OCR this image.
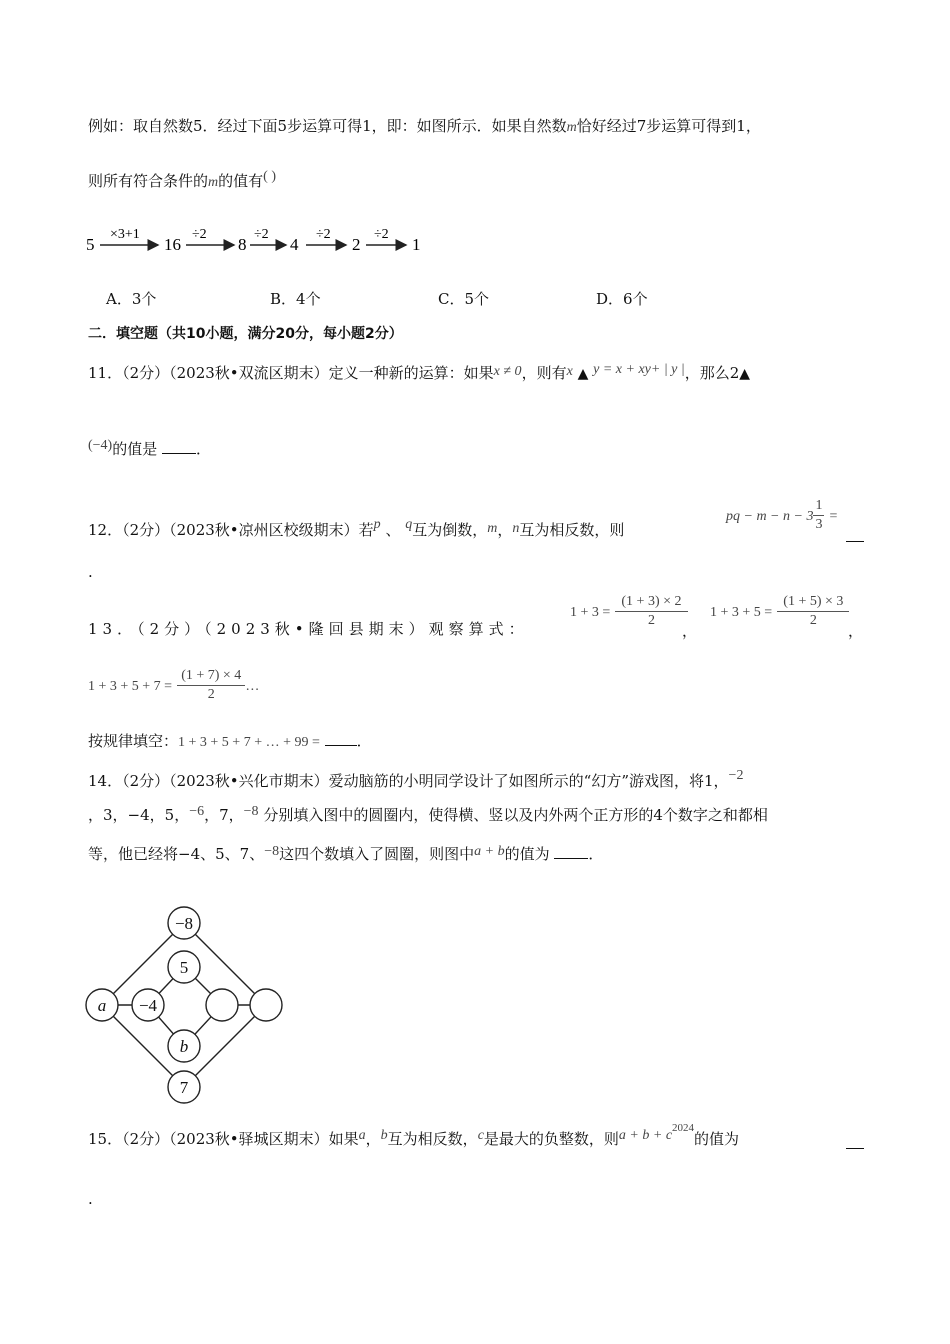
例如：取自然数5．经过下面5步运算可得1，即：如图所示．如果自然数m恰好经过7步运算可得到1，
则所有符合条件的m的值有( )
5
×3+1
16
÷2
8
÷2
4
÷2
2
÷2
1
A．3个	B．4个	C．5个	D．6个
二．填空题（共10小题，满分20分，每小题2分）
11．（2分）（2023秋•双流区期末）定义一种新的运算：如果x ≠ 0，则有x ▲ y = x + xy+ | y |，那么2▲
(−4)的值是	．
12．（2分）（2023秋•凉州区校级期末）若p 、 q互为倒数，m，n互为相反数，则
pq − $m - n - 3 \frac{1}{3}$ =
.
13．（2分）（2023秋•隆回县期末）观察算式：
$1 + 3 = \frac{(1 + 3) \times 2}{2}$
，
$1 + 3 + 5 = \frac{(1 + 5) \times 3}{2}$
，
$1 + 3 + 5 + 7 = \frac{(1 + 7) \times 4}{2}$ …
按规律填空：1 + 3 + 5 + 7 + … + 99 = ．
14．（2分）（2023秋•兴化市期末）爱动脑筋的小明同学设计了如图所示的“幻方”游戏图，将1，−2
，3，−4，5，−6，7，−8 分别填入图中的圆圈内，使得横、竖以及内外两个正方形的4个数字之和都相
等，他已经将−4、5、7、−8这四个数填入了圆圈，则图中a + b的值为	．
−8
5
a −4
b
7
15．（2分）（2023秋•驿城区期末）如果a，b互为相反数，c是最大的负整数，则$a + b + c^{2024}$的值为
.
